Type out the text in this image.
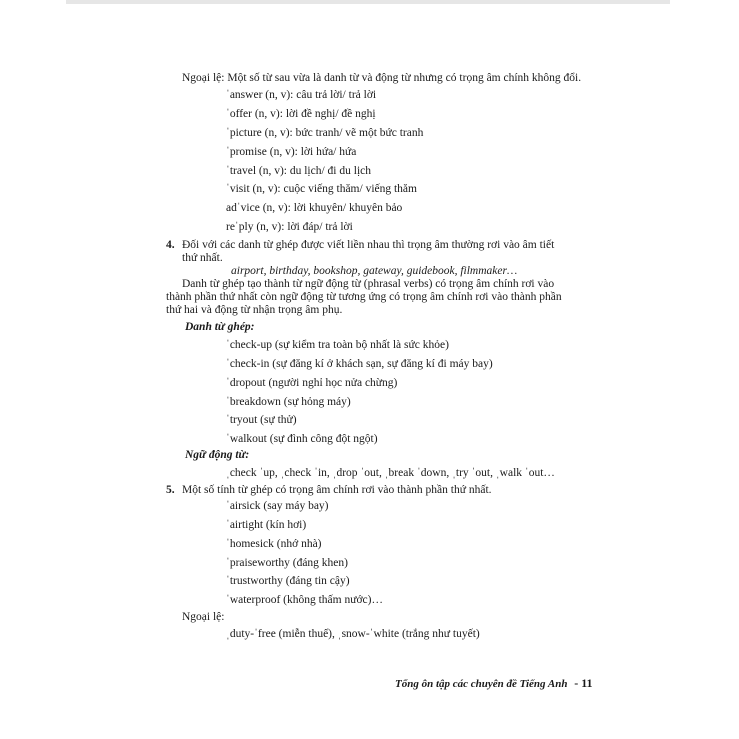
Ngoại lệ: Một số từ sau vừa là danh từ và động từ nhưng có trọng âm chính không đổi.
ˈanswer (n, v): câu trả lời/ trả lời
ˈoffer (n, v): lời đề nghị/ đề nghị
ˈpicture (n, v): bức tranh/ vẽ một bức tranh
ˈpromise (n, v): lời hứa/ hứa
ˈtravel (n, v): du lịch/ đi du lịch
ˈvisit (n, v): cuộc viếng thăm/ viếng thăm
adˈvice (n, v): lời khuyên/ khuyên bảo
reˈply (n, v): lời đáp/ trả lời
4. Đối với các danh từ ghép được viết liền nhau thì trọng âm thường rơi vào âm tiết
thứ nhất.
airport, birthday, bookshop, gateway, guidebook, filmmaker…
Danh từ ghép tạo thành từ ngữ động từ (phrasal verbs) có trọng âm chính rơi vào
thành phần thứ nhất còn ngữ động từ tương ứng có trọng âm chính rơi vào thành phần
thứ hai và động từ nhận trọng âm phụ.
Danh từ ghép:
ˈcheck-up (sự kiểm tra toàn bộ nhất là sức khỏe)
ˈcheck-in (sự đăng kí ở khách sạn, sự đăng kí đi máy bay)
ˈdropout (người nghỉ học nửa chừng)
ˈbreakdown (sự hỏng máy)
ˈtryout (sự thử)
ˈwalkout (sự đình công đột ngột)
Ngữ động từ:
ˌcheck ˈup, ˌcheck ˈin, ˌdrop ˈout, ˌbreak ˈdown, ˌtry ˈout, ˌwalk ˈout…
5. Một số tính từ ghép có trọng âm chính rơi vào thành phần thứ nhất.
ˈairsick (say máy bay)
ˈairtight (kín hơi)
ˈhomesick (nhớ nhà)
ˈpraiseworthy (đáng khen)
ˈtrustworthy (đáng tin cậy)
ˈwaterproof (không thấm nước)…
Ngoại lệ:
ˌduty-ˈfree (miễn thuế), ˌsnow-ˈwhite (trắng như tuyết)
Tổng ôn tập các chuyên đề Tiếng Anh - 11
